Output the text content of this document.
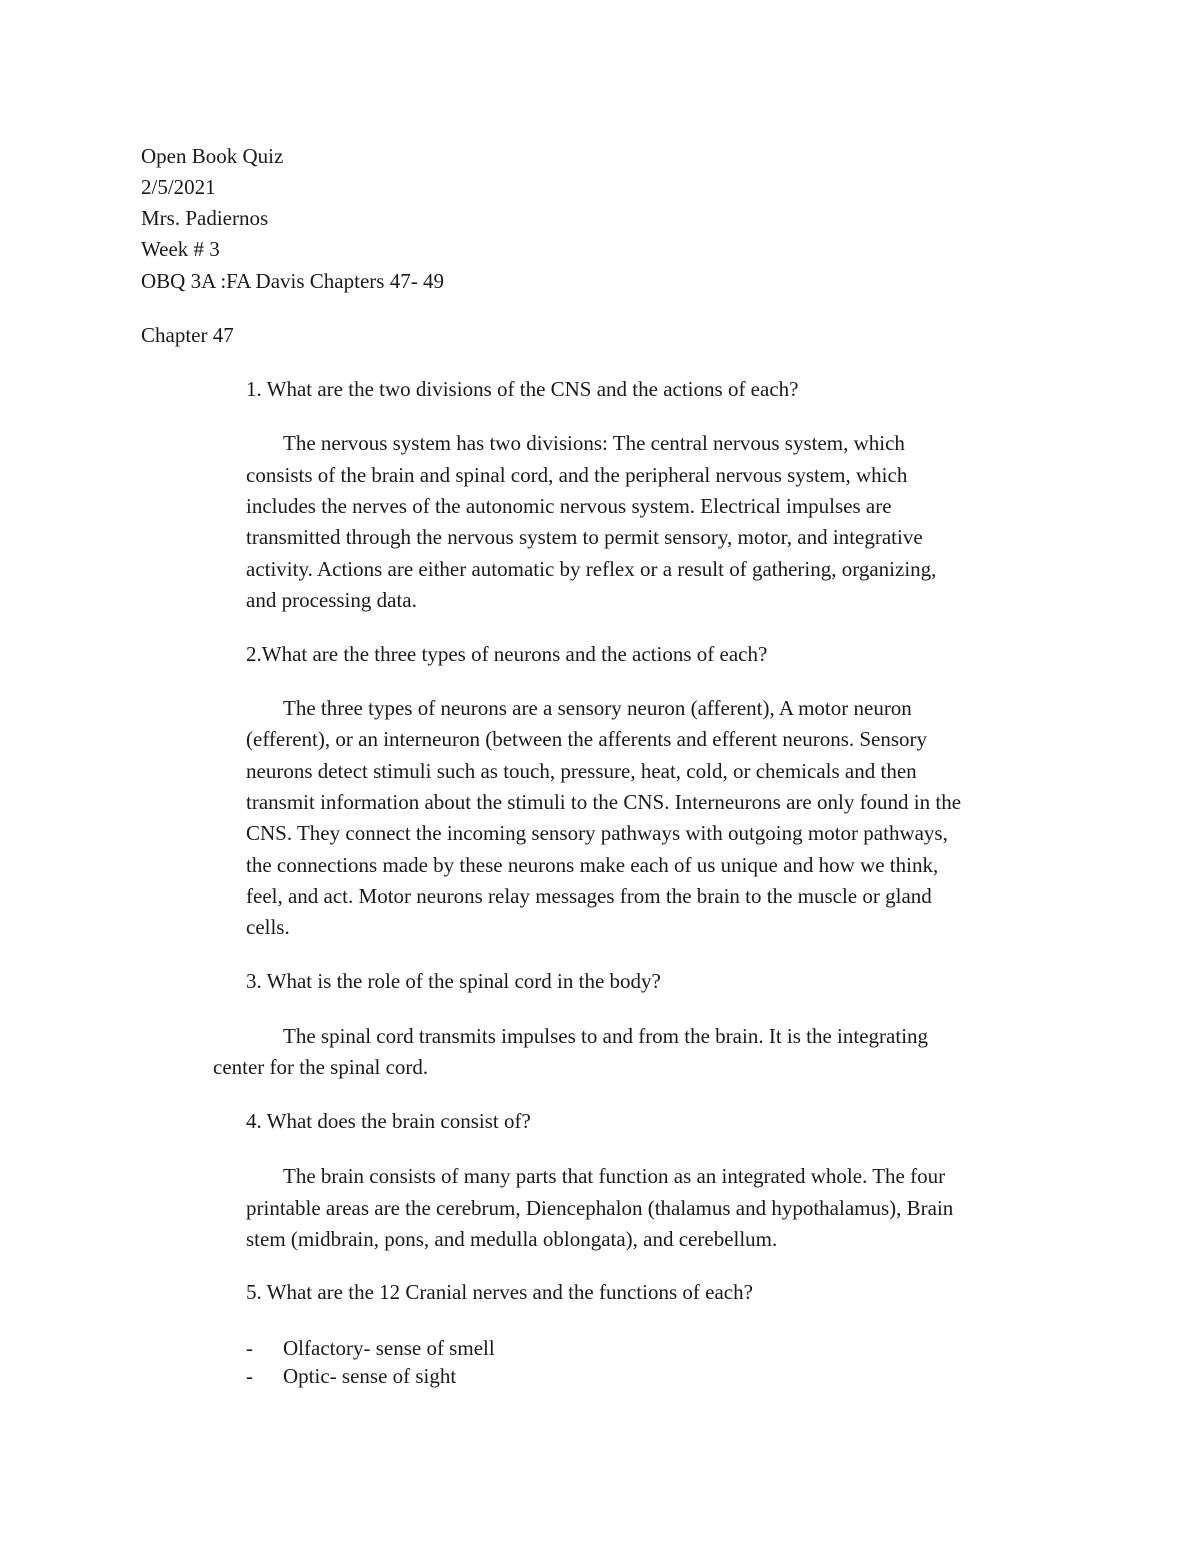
Open Book Quiz
2/5/2021
Mrs. Padiernos
Week # 3
OBQ 3A :FA Davis Chapters 47- 49
Chapter 47
1. What are the two divisions of the CNS and the actions of each?
The nervous system has two divisions: The central nervous system, which
consists of the brain and spinal cord, and the peripheral nervous system, which
includes the nerves of the autonomic nervous system. Electrical impulses are
transmitted through the nervous system to permit sensory, motor, and integrative
activity. Actions are either automatic by reflex or a result of gathering, organizing,
and processing data.
2.What are the three types of neurons and the actions of each?
The three types of neurons are a sensory neuron (afferent), A motor neuron
(efferent), or an interneuron (between the afferents and efferent neurons. Sensory
neurons detect stimuli such as touch, pressure, heat, cold, or chemicals and then
transmit information about the stimuli to the CNS. Interneurons are only found in the
CNS. They connect the incoming sensory pathways with outgoing motor pathways,
the connections made by these neurons make each of us unique and how we think,
feel, and act. Motor neurons relay messages from the brain to the muscle or gland
cells.
3. What is the role of the spinal cord in the body?
The spinal cord transmits impulses to and from the brain. It is the integrating
center for the spinal cord.
4. What does the brain consist of?
The brain consists of many parts that function as an integrated whole. The four
printable areas are the cerebrum, Diencephalon (thalamus and hypothalamus), Brain
stem (midbrain, pons, and medulla oblongata), and cerebellum.
5. What are the 12 Cranial nerves and the functions of each?
- Olfactory- sense of smell
- Optic- sense of sight
